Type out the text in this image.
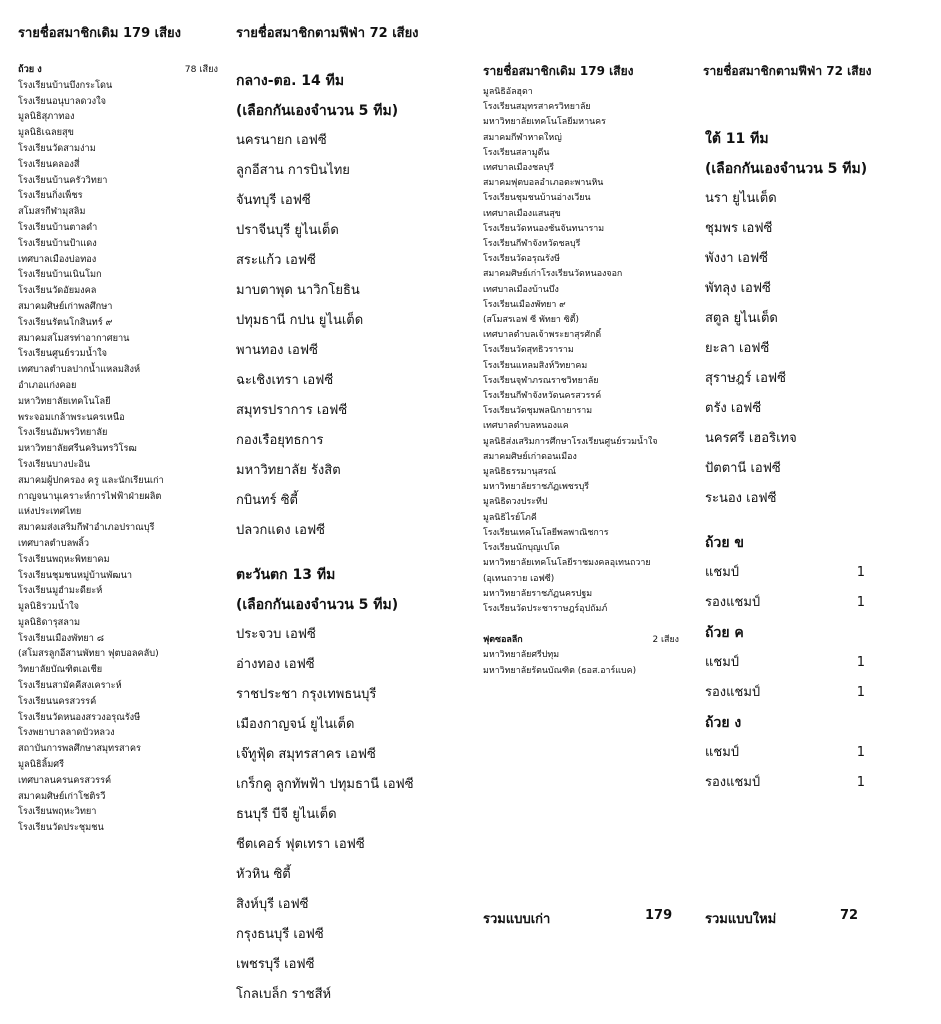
รายชื่อสมาชิกเดิม 179 เสียง	รายชื่อสมาชิกตามฟีฟ่า 72 เสียง
รายชื่อสมาชิกเดิม 179 เสียง	รายชื่อสมาชิกตามฟีฟ่า 72 เสียง
ถ้วย ง	78 เสียง
โรงเรียนบ้านบึงกระโดน
โรงเรียนอนุบาลดวงใจ
มูลนิธิสุภาทอง
มูลนิธิเฉลยสุข
โรงเรียนวัดสามง่าม
โรงเรียนคลองสี่
โรงเรียนบ้านครัววิทยา
โรงเรียนกิ่งเพ็ชร
สโมสรกีฬามุสลิม
โรงเรียนบ้านตาลดำ
โรงเรียนบ้านป้าแดง
เทศบาลเมืองบ่อทอง
โรงเรียนบ้านเนินโมก
โรงเรียนวัดอัยมงคล
สมาคมศิษย์เก่าพลศึกษา
โรงเรียนรัตนโกสินทร์ ๙
สมาคมสโมสรท่าอากาศยาน
โรงเรียนศูนย์รวมน้ำใจ
เทศบาลตำบลปากน้ำแหลมสิงห์
อำเภอแก่งคอย
มหาวิทยาลัยเทคโนโลยี
พระจอมเกล้าพระนครเหนือ
โรงเรียนอัมพรวิทยาลัย
มหาวิทยาลัยศรีนครินทรวิโรฒ
โรงเรียนบางปะอิน
สมาคมผู้ปกครอง ครู และนักเรียนเก่า
กาญจนานุเคราะห์การไฟฟ้าฝ่ายผลิต
แห่งประเทศไทย
สมาคมส่งเสริมกีฬาอำเภอปราณบุรี
เทศบาลตำบลพลิ้ว
โรงเรียนพฤหะพิทยาคม
โรงเรียนชุมชนหมู่บ้านพัฒนา
โรงเรียนมูฮำมะดียะห์
มูลนิธิรวมน้ำใจ
มูลนิธิดารุสลาม
โรงเรียนเมืองพัทยา ๘
(สโมสรลูกอีสานพัทยา ฟุตบอลคลับ)
วิทยาลัยบัณฑิตเอเชีย
โรงเรียนสามัคคีสงเคราะห์
โรงเรียนนครสวรรค์
โรงเรียนวัดหนองสรวงอรุณรังษี
โรงพยาบาลลาดบัวหลวง
สถาบันการพลศึกษาสมุทรสาคร
มูลนิธิลิ้มศรี
เทศบาลนครนครสวรรค์
สมาคมศิษย์เก่าโชติรวี
โรงเรียนพฤหะวิทยา
โรงเรียนวัดประชุมชน
กลาง-ตอ. 14 ทีม
(เลือกกันเองจำนวน 5 ทีม)
นครนายก เอฟซี
ลูกอีสาน การบินไทย
จันทบุรี เอฟซี
ปราจีนบุรี ยูไนเต็ด
สระแก้ว เอฟซี
มาบตาพุด นาวิกโยธิน
ปทุมธานี กปน ยูไนเต็ด
พานทอง เอฟซี
ฉะเชิงเทรา เอฟซี
สมุทรปราการ เอฟซี
กองเรือยุทธการ
มหาวิทยาลัย รังสิต
กบินทร์ ซิตี้
ปลวกแดง เอฟซี
ตะวันตก 13 ทีม
(เลือกกันเองจำนวน 5 ทีม)
ประจวบ เอฟซี
อ่างทอง เอฟซี
ราชประชา กรุงเทพธนบุรี
เมืองกาญจน์ ยูไนเต็ด
เจ๊ทูฟุ้ด สมุทรสาคร เอฟซี
เกร็กคู ลูกทัพฟ้า ปทุมธานี เอฟซี
ธนบุรี บีจี ยูไนเต็ด
ชีตเคอร์ ฟุตเทรา เอฟซี
หัวหิน ซิตี้
สิงห์บุรี เอฟซี
กรุงธนบุรี เอฟซี
เพชรบุรี เอฟซี
โกลเบล็ก ราชสีห์
มูลนิธิอัลฮุดา
โรงเรียนสมุทรสาครวิทยาลัย
มหาวิทยาลัยเทคโนโลยีมหานคร
สมาคมกีฬาหาดใหญ่
โรงเรียนสลามูดีน
เทศบาลเมืองชลบุรี
สมาคมฟุตบอลอำเภอตะพานหิน
โรงเรียนชุมชนบ้านอ่างเวียน
เทศบาลเมืองแสนสุข
โรงเรียนวัดหนองชันจันทนาราม
โรงเรียนกีฬาจังหวัดชลบุรี
โรงเรียนวัดอรุณรังษี
สมาคมศิษย์เก่าโรงเรียนวัดหนองจอก
เทศบาลเมืองบ้านบึง
โรงเรียนเมืองพัทยา ๙
(สโมสรเอฟ ซี พัทยา ซิตี้)
เทศบาลตำบลเจ้าพระยาสุรศักดิ์
โรงเรียนวัดสุทธิวราราม
โรงเรียนแหลมสิงห์วิทยาคม
โรงเรียนจุฬาภรณราชวิทยาลัย
โรงเรียนกีฬาจังหวัดนครสวรรค์
โรงเรียนวัดชุมพลนิกายาราม
เทศบาลตำบลหนองแค
มูลนิธิส่งเสริมการศึกษาโรงเรียนศูนย์รวมน้ำใจ
สมาคมศิษย์เก่าดอนเมือง
มูลนิธิธรรมานุสรณ์
มหาวิทยาลัยราชภัฏเพชรบุรี
มูลนิธิดวงประทีป
มูลนิธิไรย์โภคี
โรงเรียนเทคโนโลยีพลพาณิชการ
โรงเรียนนักบุญเปโต
มหาวิทยาลัยเทคโนโลยีราชมงคลอุเทนถวาย
(อุเทนถวาย เอฟซี)
มหาวิทยาลัยราชภัฏนครปฐม
โรงเรียนวัดประชาราษฎร์อุปถัมภ์
ฟุตซอลลีก	2 เสียง
มหาวิทยาลัยศรีปทุม
มหาวิทยาลัยรัตนบัณฑิต (ธอส.อาร์แบค)
ใต้ 11 ทีม
(เลือกกันเองจำนวน 5 ทีม)
นรา ยูไนเต็ด
ชุมพร เอฟซี
พังงา เอฟซี
พัทลุง เอฟซี
สตูล ยูไนเต็ด
ยะลา เอฟซี
สุราษฎร์ เอฟซี
ตรัง เอฟซี
นครศรี เฮอริเทจ
ปัตตานี เอฟซี
ระนอง เอฟซี
ถ้วย ข
แชมป์	1
รองแชมป์	1
ถ้วย ค
แชมป์	1
รองแชมป์	1
ถ้วย ง
แชมป์	1
รองแชมป์	1
รวมแบบเก่า	179	รวมแบบใหม่	72
